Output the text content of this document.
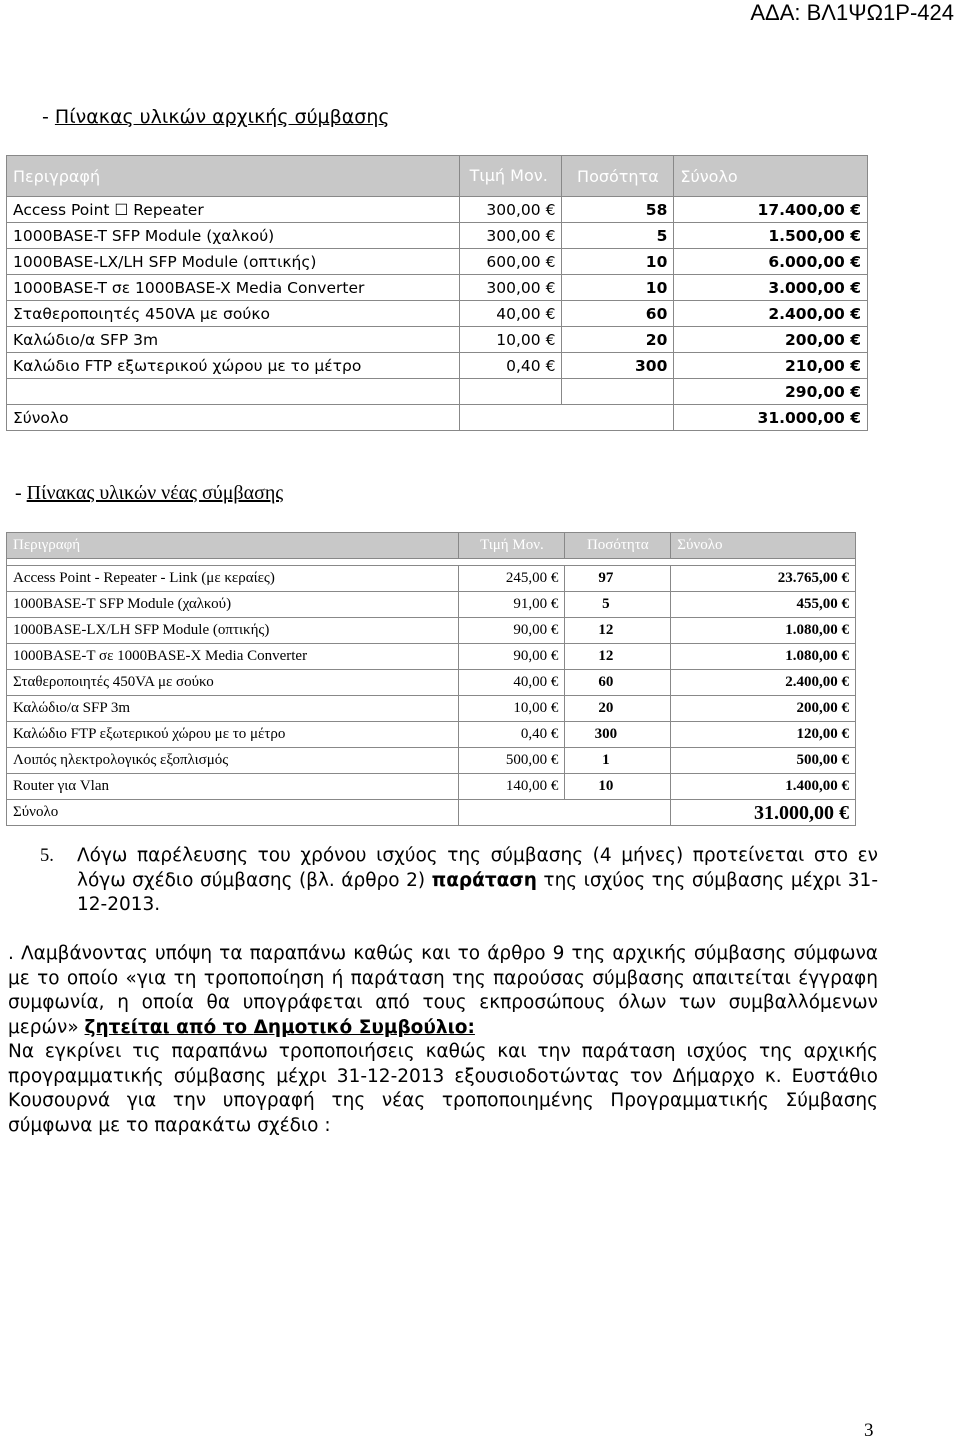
ΑΔΑ: ΒΛ1ΨΩ1Ρ-424
- Πίνακας υλικών αρχικής σύμβασης
Περιγραφή	Τιμή Μον.	Ποσότητα	Σύνολο
Access Point ☐ Repeater	300,00 €	58	17.400,00 €
1000BASE-T SFP Module (χαλκού)	300,00 €	5	1.500,00 €
1000BASE-LX/LH SFP Module (οπτικής)	600,00 €	10	6.000,00 €
1000BASE-T σε 1000BASE-X Media Converter	300,00 €	10	3.000,00 €
Σταθεροποιητές 450VA με σούκο	40,00 €	60	2.400,00 €
Καλώδιο/α SFP 3m	10,00 €	20	200,00 €
Καλώδιο FTP εξωτερικού χώρου με το μέτρο	0,40 €	300	210,00 €
			290,00 €
Σύνολο			31.000,00 €
- Πίνακας υλικών νέας σύμβασης
Περιγραφή	Τιμή Μον.	Ποσότητα	Σύνολο

Access Point - Repeater - Link (με κεραίες)	245,00 €	97	23.765,00 €
1000BASE-T SFP Module (χαλκού)	91,00 €	5	455,00 €
1000BASE-LX/LH SFP Module (οπτικής)	90,00 €	12	1.080,00 €
1000BASE-T σε 1000BASE-X Media Converter	90,00 €	12	1.080,00 €
Σταθεροποιητές 450VA με σούκο	40,00 €	60	2.400,00 €
Καλώδιο/α SFP 3m	10,00 €	20	200,00 €
Καλώδιο FTP εξωτερικού χώρου με το μέτρο	0,40 €	300	120,00 €
Λοιπός ηλεκτρολογικός εξοπλισμός	500,00 €	1	500,00 €
Router για Vlan	140,00 €	10	1.400,00 €
Σύνολο			31.000,00 €
5. Λόγω παρέλευσης του χρόνου ισχύος της σύμβασης (4 μήνες) προτείνεται στο εν λόγω σχέδιο σύμβασης (βλ. άρθρο 2) παράταση της ισχύος της σύμβασης μέχρι 31-12-2013.
. Λαμβάνοντας υπόψη τα παραπάνω καθώς και το άρθρο 9 της αρχικής σύμβασης σύμφωνα με το οποίο «για τη τροποποίηση ή παράταση της παρούσας σύμβασης απαιτείται έγγραφη συμφωνία, η οποία θα υπογράφεται από τους εκπροσώπους όλων των συμβαλλόμενων μερών» ζητείται από το Δημοτικό Συμβούλιο:
Να εγκρίνει τις παραπάνω τροποποιήσεις καθώς και την παράταση ισχύος της αρχικής προγραμματικής σύμβασης μέχρι 31-12-2013 εξουσιοδοτώντας τον Δήμαρχο κ. Ευστάθιο Κουσουρνά για την υπογραφή της νέας τροποποιημένης Προγραμματικής Σύμβασης σύμφωνα με το παρακάτω σχέδιο :
3
